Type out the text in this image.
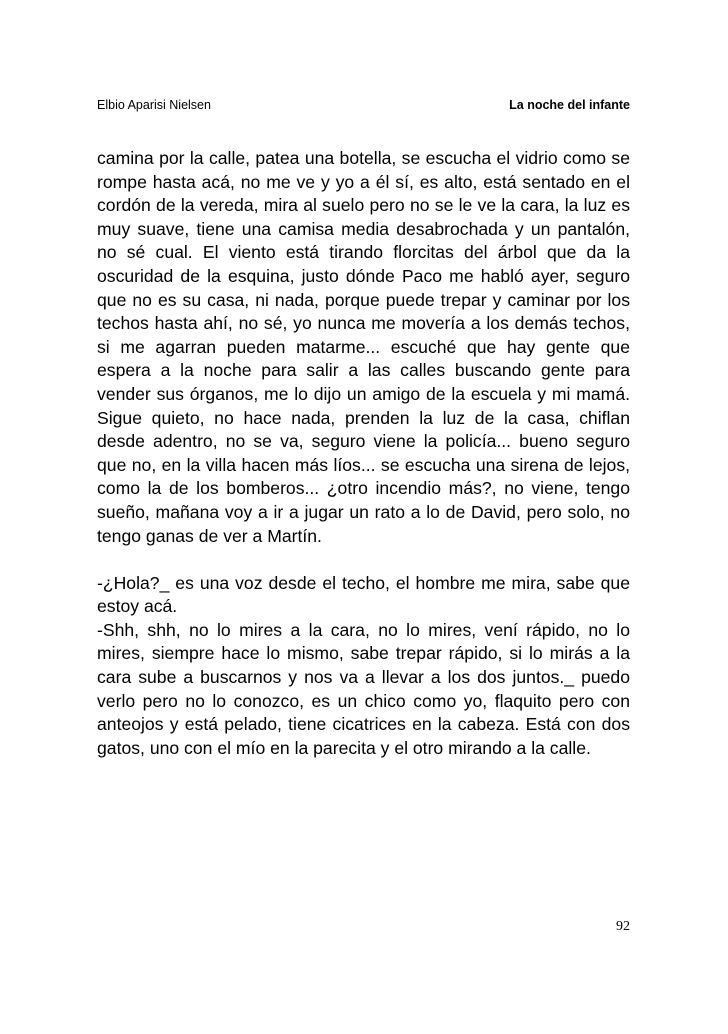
Elbio Aparisi Nielsen	La noche del infante

camina por la calle, patea una botella, se escucha el vidrio como se rompe hasta acá, no me ve y yo a él sí, es alto, está sentado en el cordón de la vereda, mira al suelo pero no se le ve la cara, la luz es muy suave, tiene una camisa media desabrochada y un pantalón, no sé cual. El viento está tirando florcitas del árbol que da la oscuridad de la esquina, justo dónde Paco me habló ayer, seguro que no es su casa, ni nada, porque puede trepar y caminar por los techos hasta ahí, no sé, yo nunca me movería a los demás techos, si me agarran pueden matarme... escuché que hay gente que espera a la noche para salir a las calles buscando gente para vender sus órganos, me lo dijo un amigo de la escuela y mi mamá. Sigue quieto, no hace nada, prenden la luz de la casa, chiflan desde adentro, no se va, seguro viene la policía... bueno seguro que no, en la villa hacen más líos... se escucha una sirena de lejos, como la de los bomberos... ¿otro incendio más?, no viene, tengo sueño, mañana voy a ir a jugar un rato a lo de David, pero solo, no tengo ganas de ver a Martín.

-¿Hola?_ es una voz desde el techo, el hombre me mira, sabe que estoy acá.

-Shh, shh, no lo mires a la cara, no lo mires, vení rápido, no lo mires, siempre hace lo mismo, sabe trepar rápido, si lo mirás a la cara sube a buscarnos y nos va a llevar a los dos juntos._ puedo verlo pero no lo conozco, es un chico como yo, flaquito pero con anteojos y está pelado, tiene cicatrices en la cabeza. Está con dos gatos, uno con el mío en la parecita y el otro mirando a la calle.

92
